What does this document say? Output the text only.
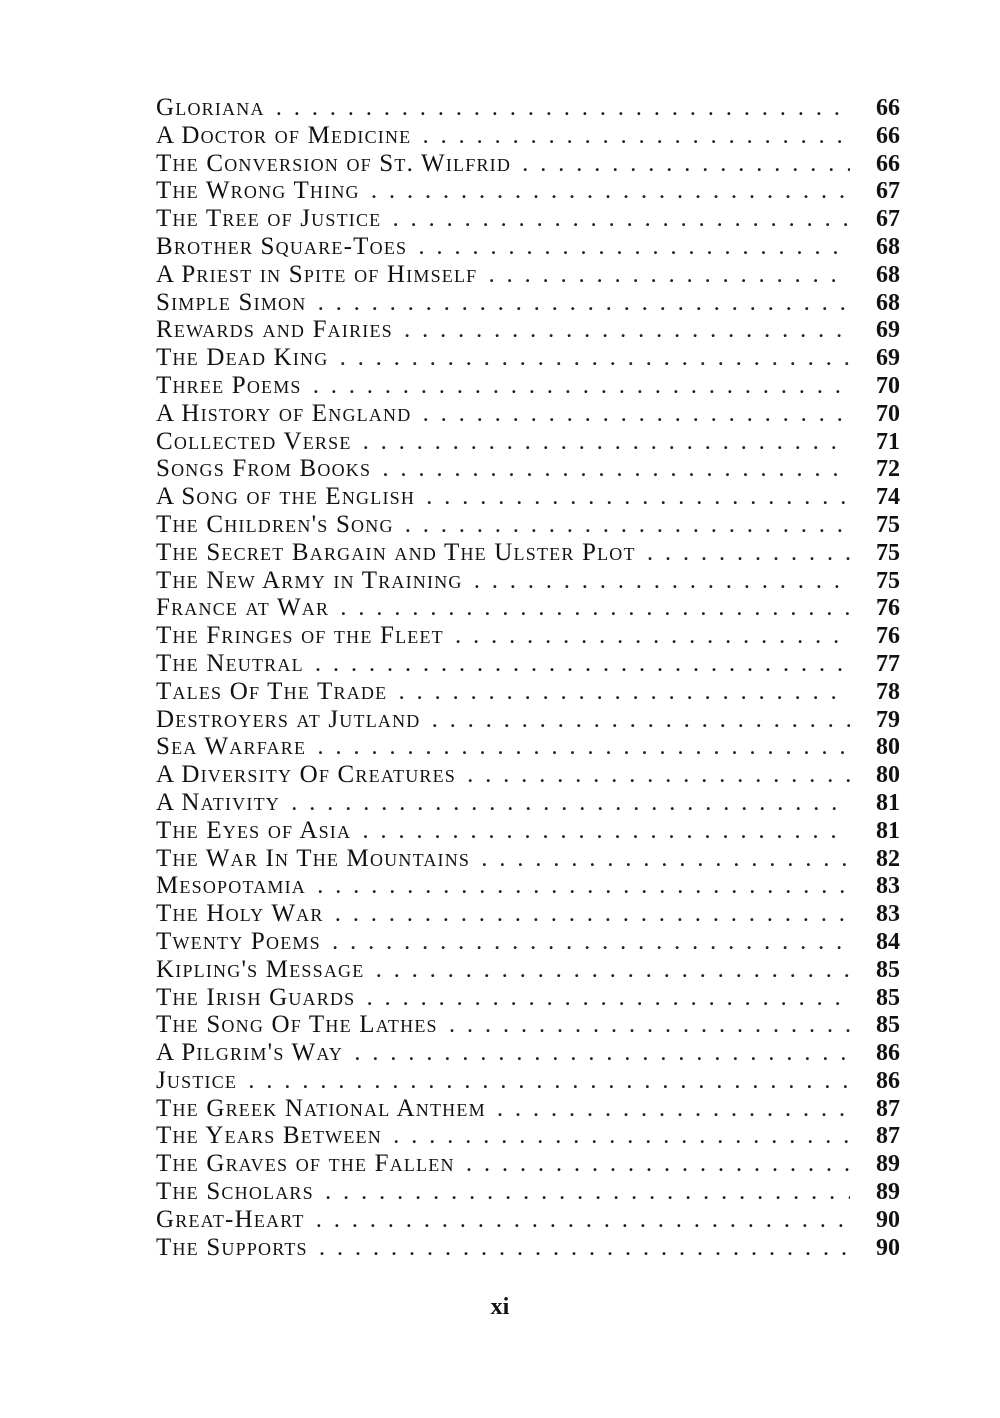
Gloriana . . .	66
A Doctor of Medicine . . .	66
The Conversion of St. Wilfrid . . .	66
The Wrong Thing . . .	67
The Tree of Justice . . .	67
Brother Square-Toes . . .	68
A Priest in Spite of Himself . . .	68
Simple Simon . . .	68
Rewards and Fairies . . .	69
The Dead King . . .	69
Three Poems . . .	70
A History of England . . .	70
Collected Verse . . .	71
Songs From Books . . .	72
A Song of the English . . .	74
The Children's Song . . .	75
The Secret Bargain and The Ulster Plot . . .	75
The New Army in Training . . .	75
France at War . . .	76
The Fringes of the Fleet . . .	76
The Neutral . . .	77
Tales Of The Trade . . .	78
Destroyers at Jutland . . .	79
Sea Warfare . . .	80
A Diversity Of Creatures . . .	80
A Nativity . . .	81
The Eyes of Asia . . .	81
The War In The Mountains . . .	82
Mesopotamia . . .	83
The Holy War . . .	83
Twenty Poems . . .	84
Kipling's Message . . .	85
The Irish Guards . . .	85
The Song Of The Lathes . . .	85
A Pilgrim's Way . . .	86
Justice . . .	86
The Greek National Anthem . . .	87
The Years Between . . .	87
The Graves of the Fallen . . .	89
The Scholars . . .	89
Great-Heart . . .	90
The Supports . . .	90
xi
